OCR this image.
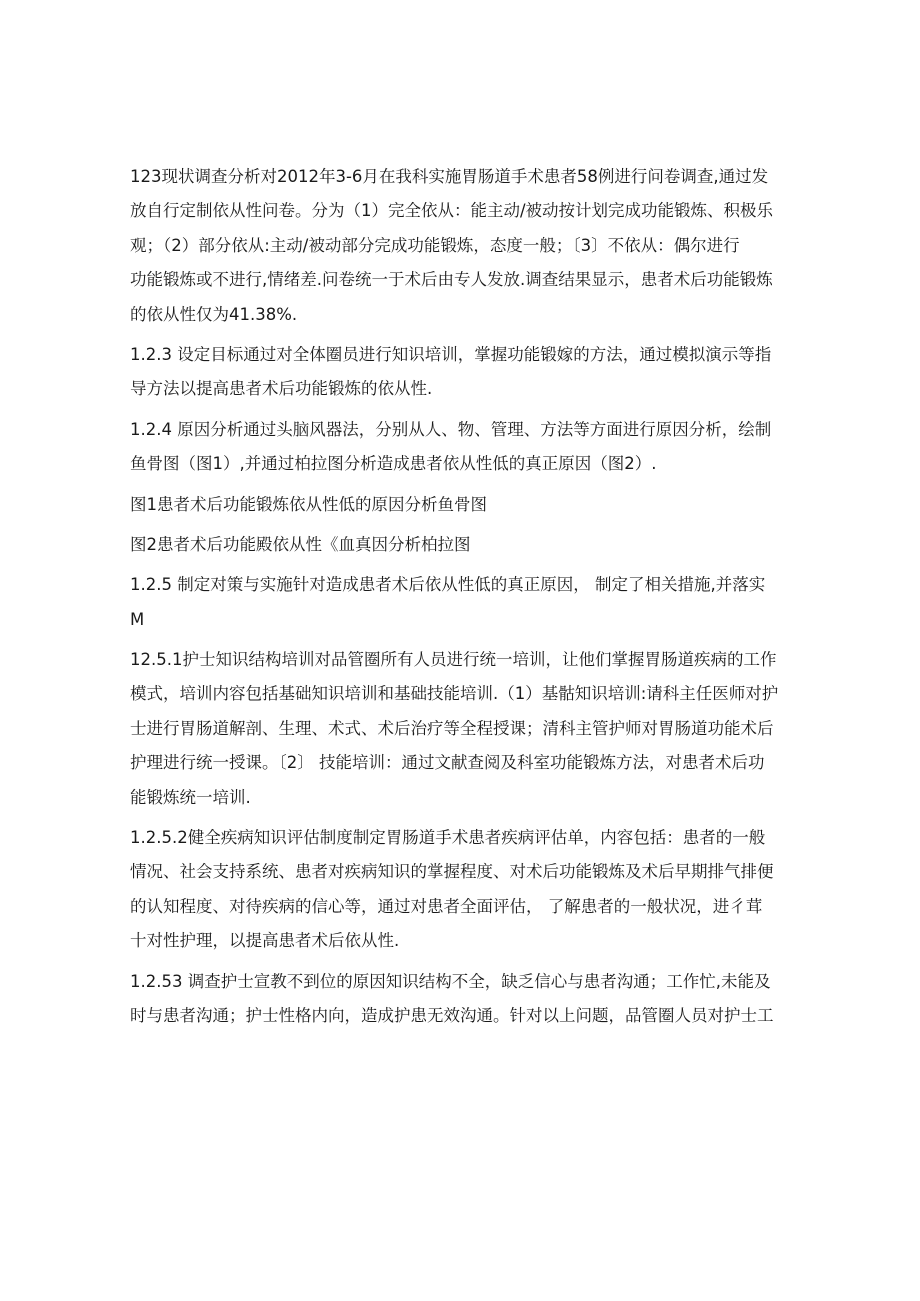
123现状调查分析对2012年3-6月在我科实施胃肠道手术患者58例进行问卷调查,通过发
放自行定制依从性问卷。分为（1）完全依从：能主动/被动按计划完成功能锻炼、积极乐
观；（2）部分依从:主动/被动部分完成功能锻炼，态度一般；〔3〕不依从：偶尔进行
功能锻炼或不进行,情绪差.问卷统一于术后由专人发放.调查结果显示，患者术后功能锻炼
的依从性仅为41.38%.
1.2.3 设定目标通过对全体圈员进行知识培训，掌握功能锻嫁的方法，通过模拟演示等指
导方法以提高患者术后功能锻炼的依从性.
1.2.4 原因分析通过头脑风器法，分别从人、物、管理、方法等方面进行原因分析，绘制
鱼骨图（图1）,并通过柏拉图分析造成患者依从性低的真正原因（图2）.
图1患者术后功能锻炼依从性低的原因分析鱼骨图
图2患者术后功能殿依从性《血真因分析柏拉图
1.2.5 制定对策与实施针对造成患者术后依从性低的真正原因， 制定了相关措施,并落实
M
12.5.1护士知识结构培训对品管圈所有人员进行统一培训，让他们掌握胃肠道疾病的工作
模式，培训内容包括基础知识培训和基础技能培训.（1）基骷知识培训:请科主任医师对护
士进行胃肠道解剖、生理、术式、术后治疗等全程授课；清科主管护师对胃肠道功能术后
护理进行统一授课。〔2〕 技能培训：通过文献查阅及科室功能锻炼方法，对患者术后功
能锻炼统一培训.
1.2.5.2健全疾病知识评估制度制定胃肠道手术患者疾病评估单，内容包括：患者的一般
情况、社会支持系统、患者对疾病知识的掌握程度、对术后功能锻炼及术后早期排气排便
的认知程度、对待疾病的信心等，通过对患者全面评估， 了解患者的一般状况，进彳茸
十对性护理，以提高患者术后依从性.
1.2.53 调查护士宣教不到位的原因知识结构不全，缺乏信心与患者沟通；工作忙,未能及
时与患者沟通；护士性格内向，造成护患无效沟通。针对以上问题，品管圈人员对护士工
